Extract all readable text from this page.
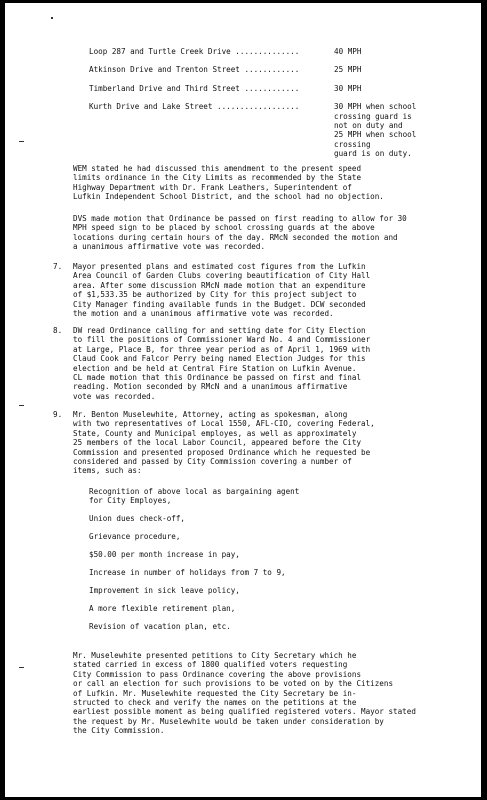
Loop 287 and Turtle Creek Drive ..............	40 MPH
Atkinson Drive and Trenton Street ............	25 MPH
Timberland Drive and Third Street ............	30 MPH
Kurth Drive and Lake Street ..................	30 MPH when school
crossing guard is
not on duty and
25 MPH when school crossing
guard is on duty.
WEM stated he had discussed this amendment to the present speed
limits ordinance in the City Limits as recommended by the State
Highway Department with Dr. Frank Leathers, Superintendent of
Lufkin Independent School District, and the school had no objection.
DVS made motion that Ordinance be passed on first reading to allow for 30
MPH speed sign to be placed by school crossing guards at the above
locations during certain hours of the day. RMcN seconded the motion and
a unanimous affirmative vote was recorded.
7. Mayor presented plans and estimated cost figures from the Lufkin
Area Council of Garden Clubs covering beautification of City Hall
area. After some discussion RMcN made motion that an expenditure
of $1,533.35 be authorized by City for this project subject to
City Manager finding available funds in the Budget. DCW seconded
the motion and a unanimous affirmative vote was recorded.
8. DW read Ordinance calling for and setting date for City Election
to fill the positions of Commissioner Ward No. 4 and Commissioner
at Large, Place B, for three year period as of April 1, 1969 with
Claud Cook and Falcor Perry being named Election Judges for this
election and be held at Central Fire Station on Lufkin Avenue.
CL made motion that this Ordinance be passed on first and final
reading. Motion seconded by RMcN and a unanimous affirmative
vote was recorded.
9. Mr. Benton Muselewhite, Attorney, acting as spokesman, along
with two representatives of Local 1550, AFL-CIO, covering Federal,
State, County and Municipal employes, as well as approximately
25 members of the local Labor Council, appeared before the City
Commission and presented proposed Ordinance which he requested be
considered and passed by City Commission covering a number of
items, such as:
Recognition of above local as bargaining agent
for City Employes,
Union dues check-off,
Grievance procedure,
$50.00 per month increase in pay,
Increase in number of holidays from 7 to 9,
Improvement in sick leave policy,
A more flexible retirement plan,
Revision of vacation plan, etc.
Mr. Muselewhite presented petitions to City Secretary which he
stated carried in excess of 1800 qualified voters requesting
City Commission to pass Ordinance covering the above provisions
or call an election for such provisions to be voted on by the Citizens
of Lufkin. Mr. Muselewhite requested the City Secretary be in-
structed to check and verify the names on the petitions at the
earliest possible moment as being qualified registered voters. Mayor stated
the request by Mr. Muselewhite would be taken under consideration by
the City Commission.
